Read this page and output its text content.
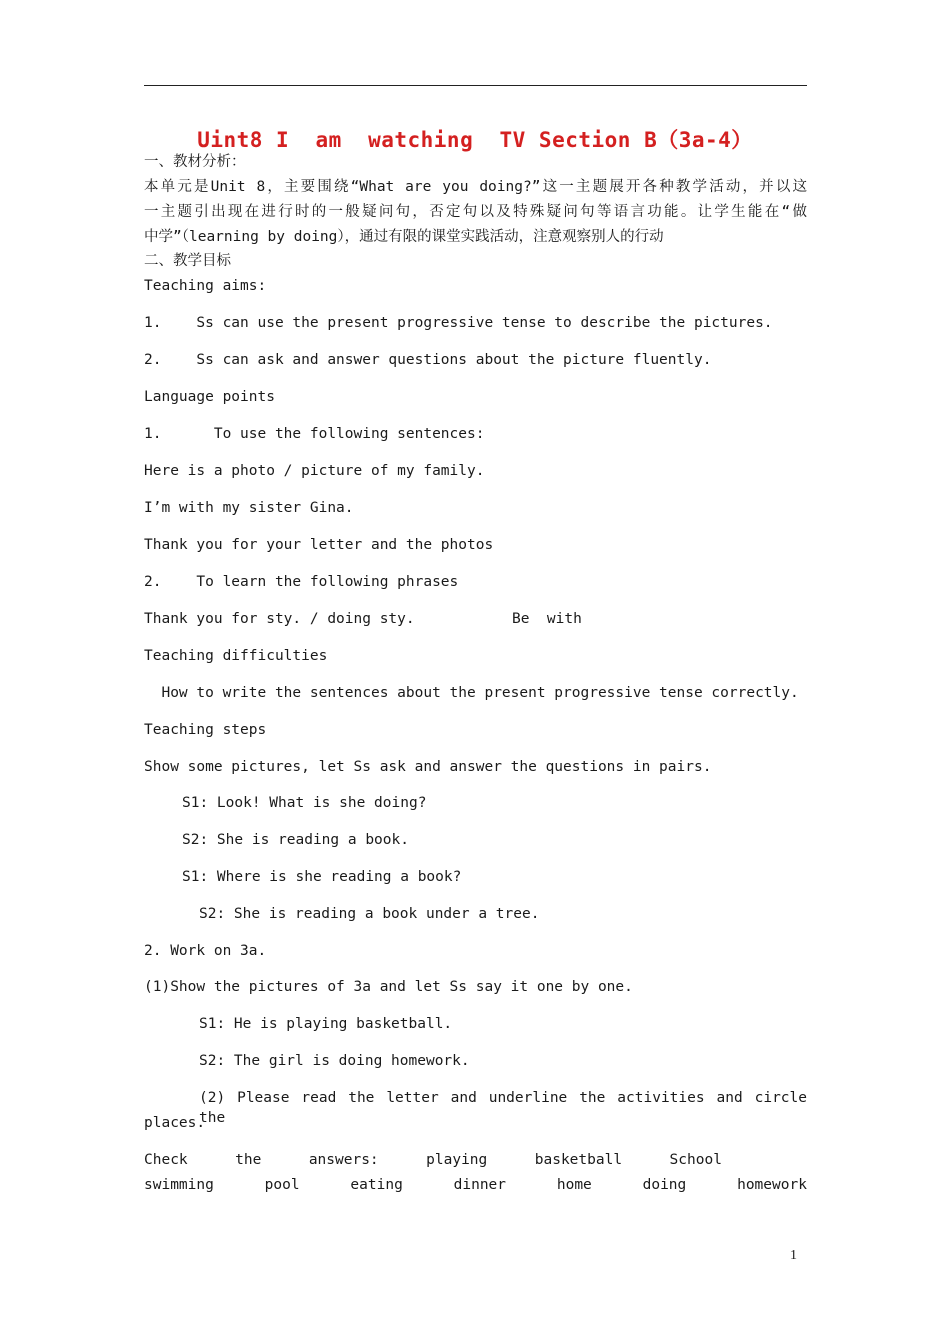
Uint8 I  am  watching  TV Section B（3a-4）
一、教材分析：
本单元是Unit 8，主要围绕“What are you doing?”这一主题展开各种教学活动，并以这
一主题引出现在进行时的一般疑问句，否定句以及特殊疑问句等语言功能。让学生能在“做
中学”（learning by doing），通过有限的课堂实践活动，注意观察别人的行动
二、教学目标
Teaching aims:
1.    Ss can use the present progressive tense to describe the pictures.
2.    Ss can ask and answer questions about the picture fluently.
Language points
1.      To use the following sentences:
Here is a photo / picture of my family.
I’m with my sister Gina.
Thank you for your letter and the photos
2.    To learn the following phrases
Thank you for sty. / doing sty.	Be  with
Teaching difficulties
How to write the sentences about the present progressive tense correctly.
Teaching steps
Show some pictures, let Ss ask and answer the questions in pairs.
S1: Look! What is she doing?
S2: She is reading a book.
S1: Where is she reading a book?
S2: She is reading a book under a tree.
2. Work on 3a.
(1)Show the pictures of 3a and let Ss say it one by one.
S1: He is playing basketball.
S2: The girl is doing homework.
(2) Please read the letter and underline the activities and circle the
places.
Check	the	answers:	playing	basketball	School
swimming	pool	eating	dinner	home	doing	homework
1
